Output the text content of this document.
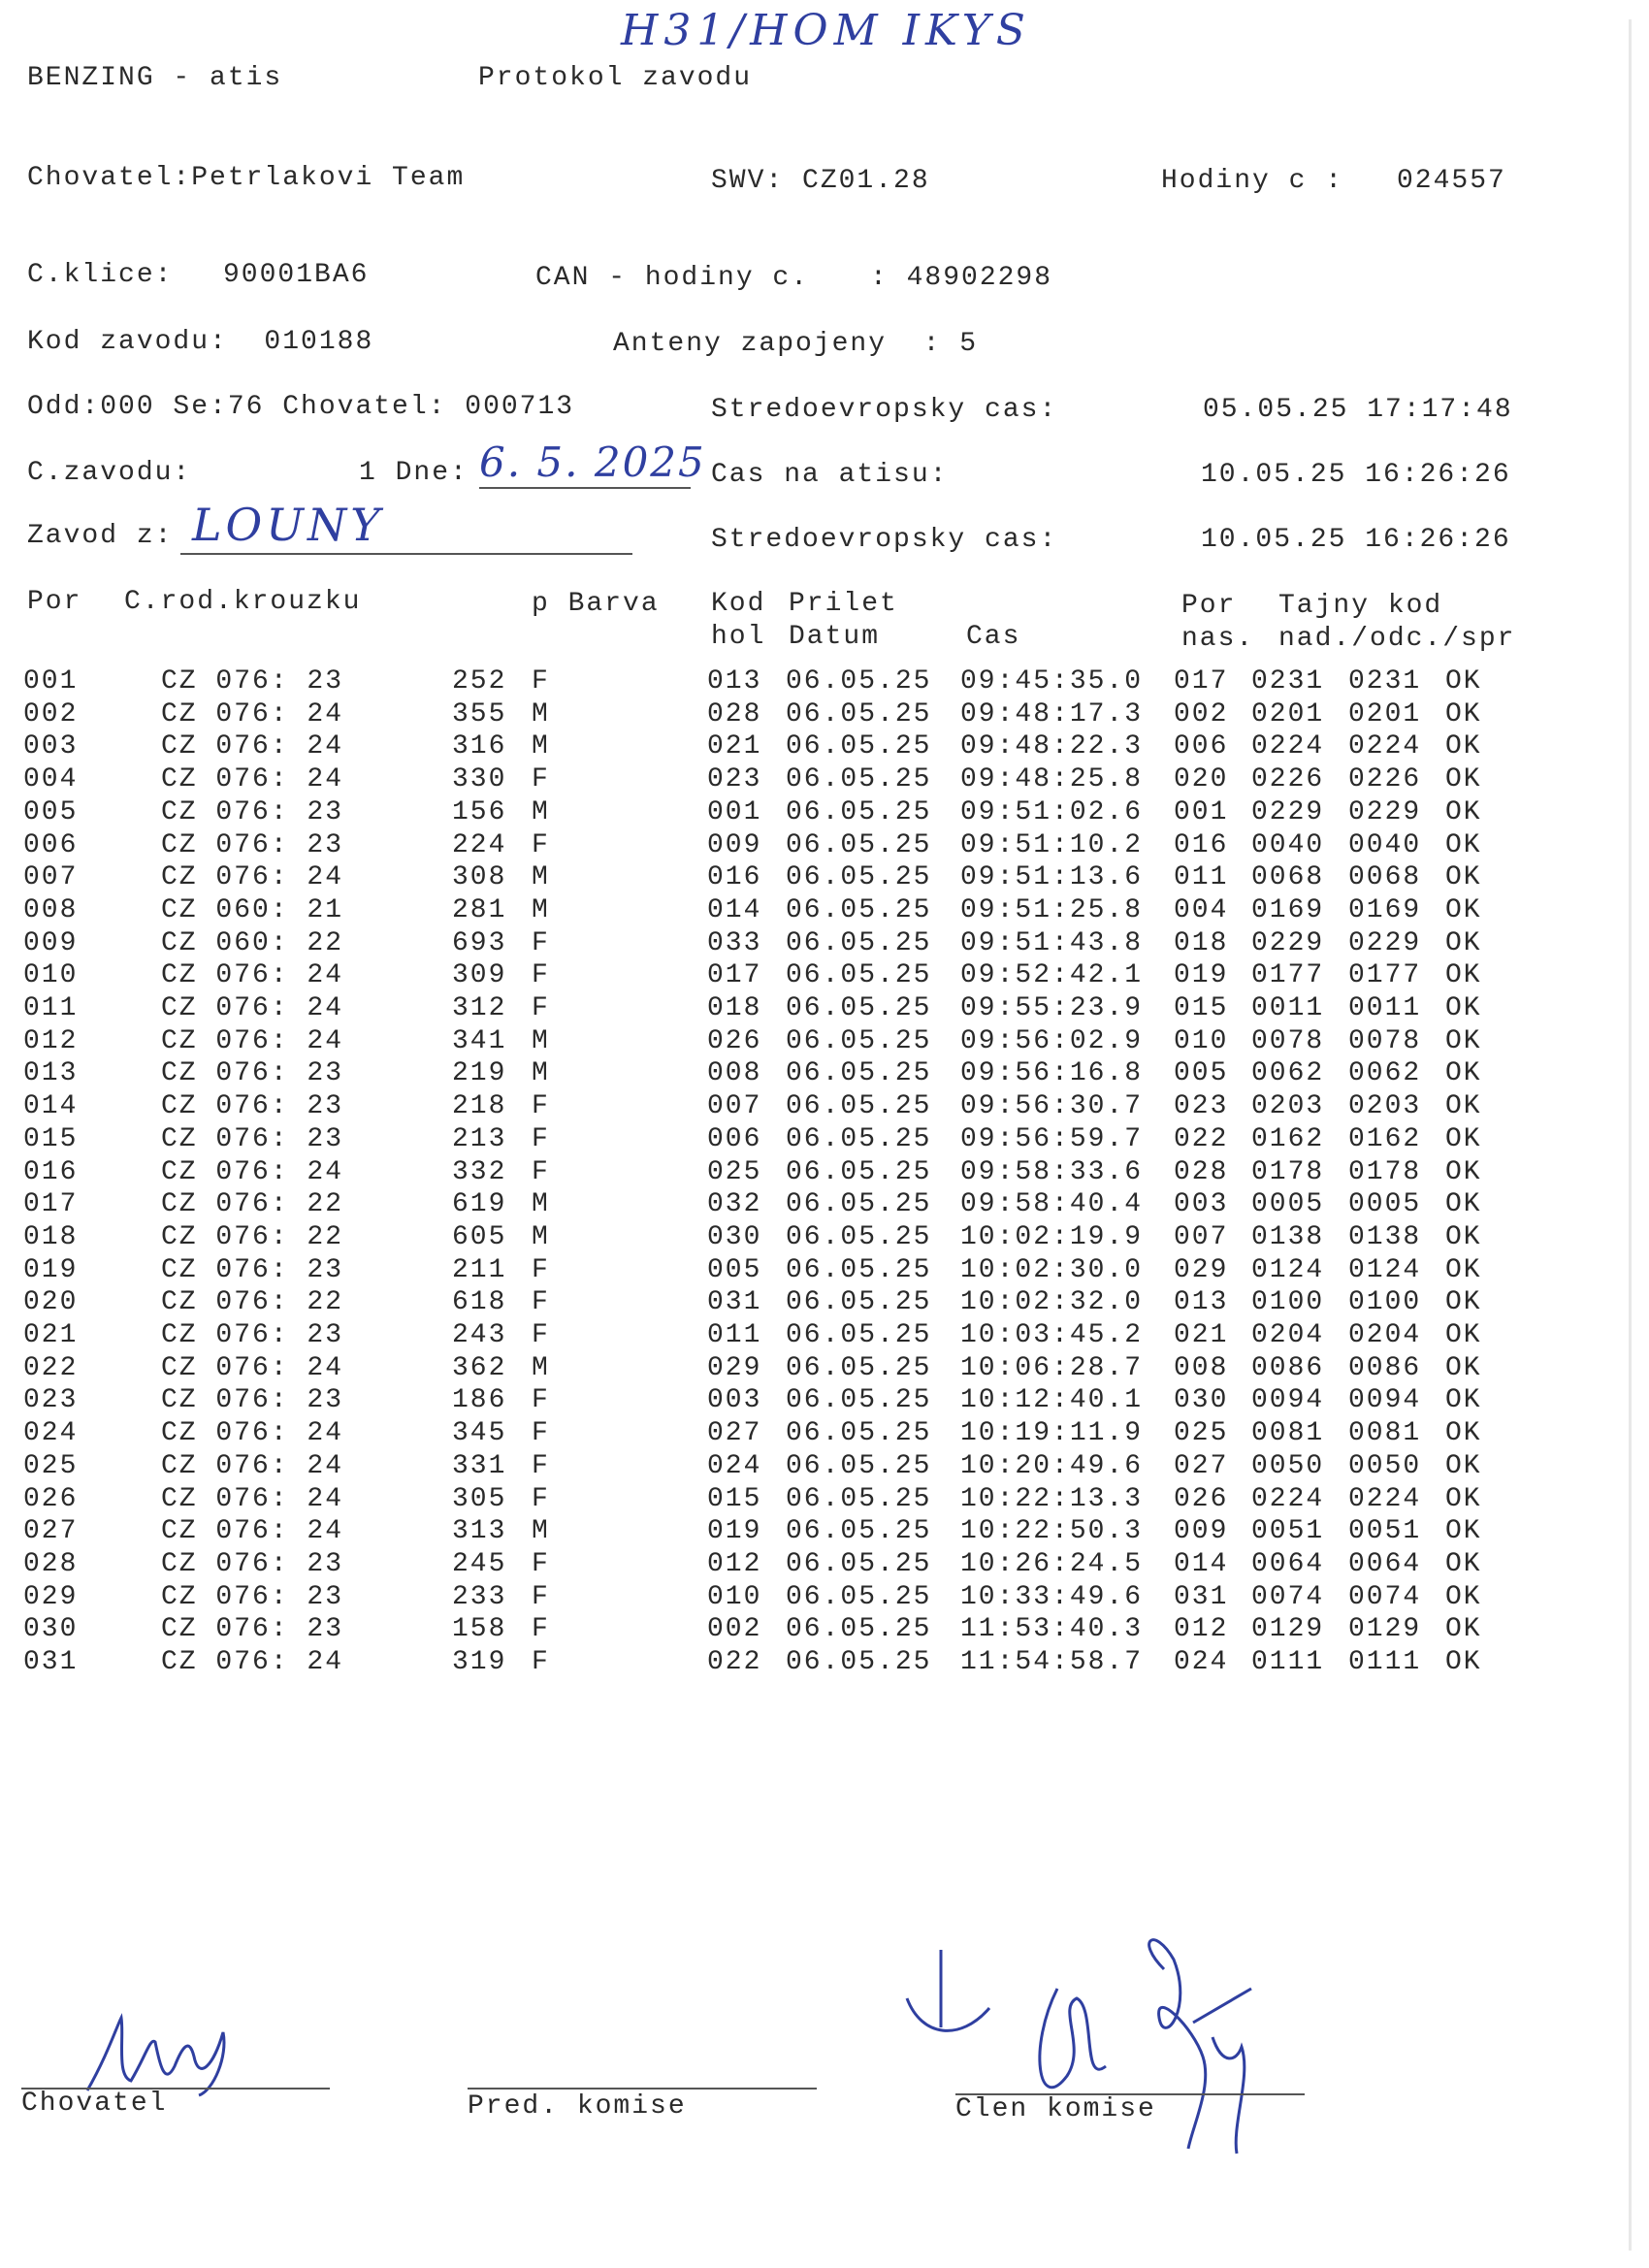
H31/HOM IKYS
BENZING - atis	Protokol zavodu
Chovatel:Petrlakovi Team	SWV: CZ01.28	Hodiny c : 024557
C.klice: 90001BA6	CAN - hodiny c. : 48902298
Kod zavodu:  010188	Anteny zapojeny  : 5
Odd:000 Se:76 Chovatel: 000713	Stredoevropsky cas:	05.05.25 17:17:48
C.zavodu:	1 Dne: 6. 5. 2025 Cas na atisu:	10.05.25 16:26:26
Zavod z: LOUNY	Stredoevropsky cas:	10.05.25 16:26:26
Por C.rod.krouzku	p Barva Kod Prilet	Por Tajny kod
hol Datum	Cas	nas. nad./odc./spr
001	CZ 076: 23	252 F	013 06.05.25 09:45:35.0 017 0231 0231 OK
002	CZ 076: 24	355 M	028 06.05.25 09:48:17.3 002 0201 0201 OK
003	CZ 076: 24	316 M	021 06.05.25 09:48:22.3 006 0224 0224 OK
004	CZ 076: 24	330 F	023 06.05.25 09:48:25.8 020 0226 0226 OK
005	CZ 076: 23	156 M	001 06.05.25 09:51:02.6 001 0229 0229 OK
006	CZ 076: 23	224 F	009 06.05.25 09:51:10.2 016 0040 0040 OK
007	CZ 076: 24	308 M	016 06.05.25 09:51:13.6 011 0068 0068 OK
008	CZ 060: 21	281 M	014 06.05.25 09:51:25.8 004 0169 0169 OK
009	CZ 060: 22	693 F	033 06.05.25 09:51:43.8 018 0229 0229 OK
010	CZ 076: 24	309 F	017 06.05.25 09:52:42.1 019 0177 0177 OK
011	CZ 076: 24	312 F	018 06.05.25 09:55:23.9 015 0011 0011 OK
012	CZ 076: 24	341 M	026 06.05.25 09:56:02.9 010 0078 0078 OK
013	CZ 076: 23	219 M	008 06.05.25 09:56:16.8 005 0062 0062 OK
014	CZ 076: 23	218 F	007 06.05.25 09:56:30.7 023 0203 0203 OK
015	CZ 076: 23	213 F	006 06.05.25 09:56:59.7 022 0162 0162 OK
016	CZ 076: 24	332 F	025 06.05.25 09:58:33.6 028 0178 0178 OK
017	CZ 076: 22	619 M	032 06.05.25 09:58:40.4 003 0005 0005 OK
018	CZ 076: 22	605 M	030 06.05.25 10:02:19.9 007 0138 0138 OK
019	CZ 076: 23	211 F	005 06.05.25 10:02:30.0 029 0124 0124 OK
020	CZ 076: 22	618 F	031 06.05.25 10:02:32.0 013 0100 0100 OK
021	CZ 076: 23	243 F	011 06.05.25 10:03:45.2 021 0204 0204 OK
022	CZ 076: 24	362 M	029 06.05.25 10:06:28.7 008 0086 0086 OK
023	CZ 076: 23	186 F	003 06.05.25 10:12:40.1 030 0094 0094 OK
024	CZ 076: 24	345 F	027 06.05.25 10:19:11.9 025 0081 0081 OK
025	CZ 076: 24	331 F	024 06.05.25 10:20:49.6 027 0050 0050 OK
026	CZ 076: 24	305 F	015 06.05.25 10:22:13.3 026 0224 0224 OK
027	CZ 076: 24	313 M	019 06.05.25 10:22:50.3 009 0051 0051 OK
028	CZ 076: 23	245 F	012 06.05.25 10:26:24.5 014 0064 0064 OK
029	CZ 076: 23	233 F	010 06.05.25 10:33:49.6 031 0074 0074 OK
030	CZ 076: 23	158 F	002 06.05.25 11:53:40.3 012 0129 0129 OK
031	CZ 076: 24	319 F	022 06.05.25 11:54:58.7 024 0111 0111 OK
Chovatel	Pred. komise	Clen komise
